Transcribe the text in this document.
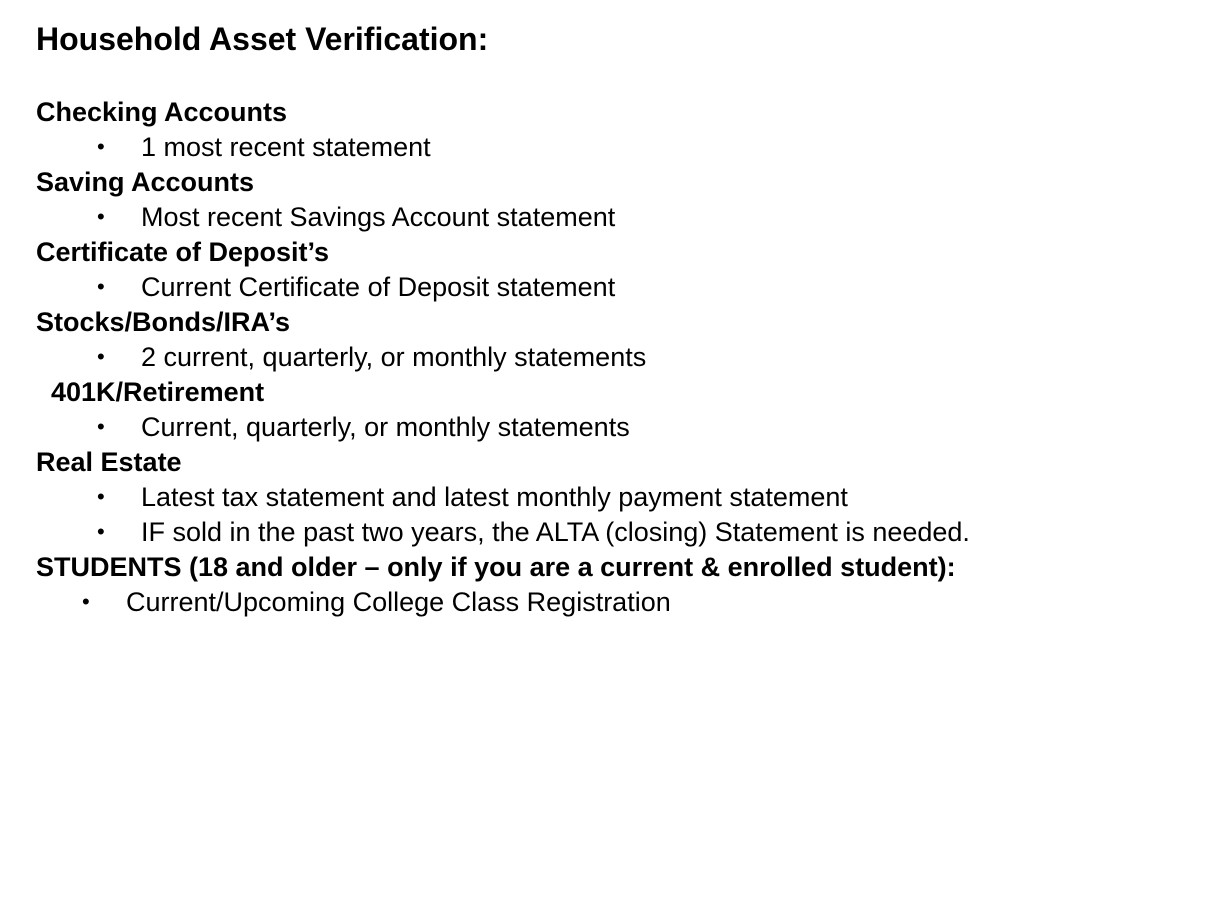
Household Asset Verification:
Checking Accounts
• 1 most recent statement
Saving Accounts
• Most recent Savings Account statement
Certificate of Deposit’s
• Current Certificate of Deposit statement
Stocks/Bonds/IRA’s
• 2 current, quarterly, or monthly statements
401K/Retirement
• Current, quarterly, or monthly statements
Real Estate
• Latest tax statement and latest monthly payment statement
• IF sold in the past two years, the ALTA (closing) Statement is needed.
STUDENTS (18 and older – only if you are a current & enrolled student):
• Current/Upcoming College Class Registration
